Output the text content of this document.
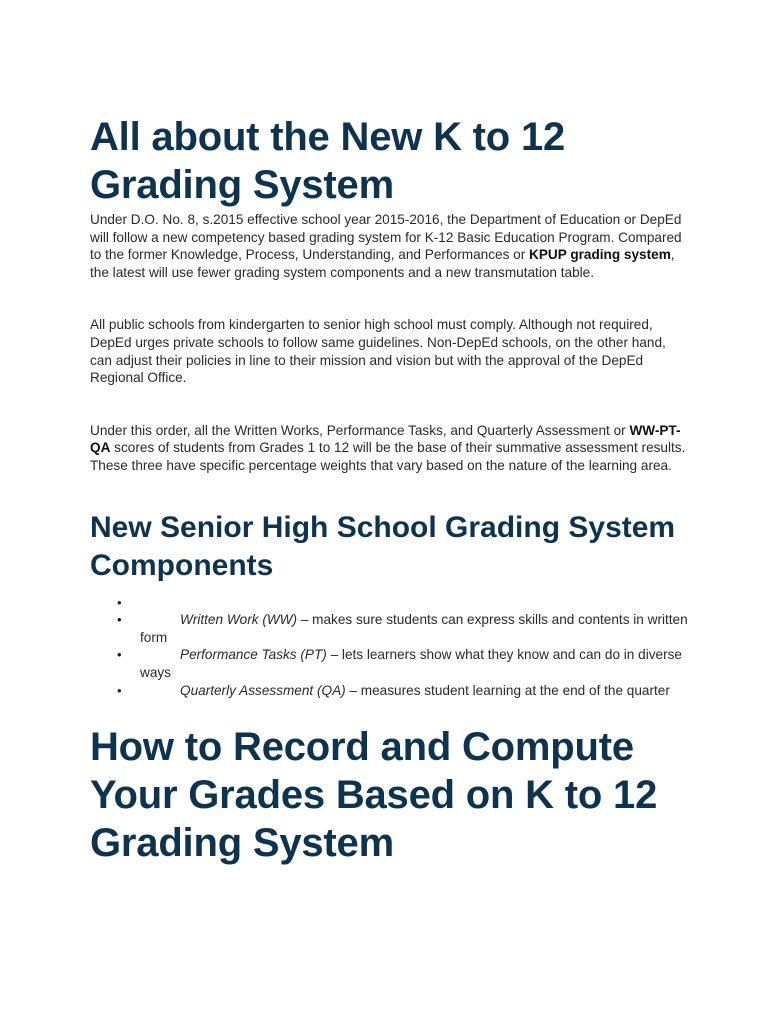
All about the New K to 12 Grading System

Under D.O. No. 8, s.2015 effective school year 2015-2016, the Department of Education or DepEd will follow a new competency based grading system for K-12 Basic Education Program. Compared to the former Knowledge, Process, Understanding, and Performances or KPUP grading system, the latest will use fewer grading system components and a new transmutation table.

All public schools from kindergarten to senior high school must comply. Although not required, DepEd urges private schools to follow same guidelines. Non-DepEd schools, on the other hand, can adjust their policies in line to their mission and vision but with the approval of the DepEd Regional Office.

Under this order, all the Written Works, Performance Tasks, and Quarterly Assessment or WW-PT-QA scores of students from Grades 1 to 12 will be the base of their summative assessment results. These three have specific percentage weights that vary based on the nature of the learning area.

New Senior High School Grading System Components
•
•	Written Work (WW) – makes sure students can express skills and contents in written form
•	Performance Tasks (PT) – lets learners show what they know and can do in diverse ways
•	Quarterly Assessment (QA) – measures student learning at the end of the quarter
How to Record and Compute Your Grades Based on K to 12 Grading System
